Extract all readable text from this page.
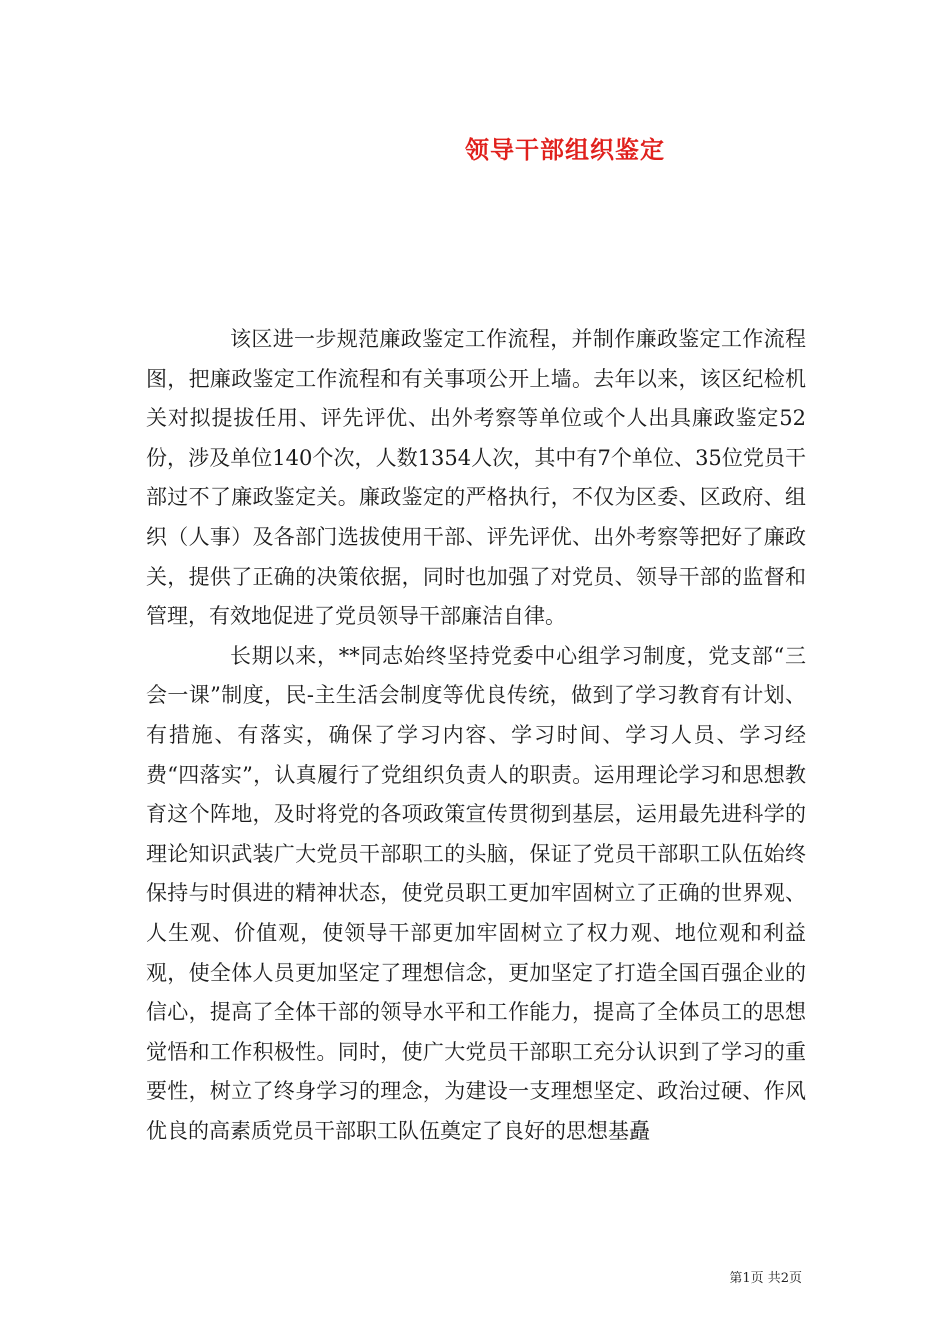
领导干部组织鉴定

该区进一步规范廉政鉴定工作流程，并制作廉政鉴定工作流程图，把廉政鉴定工作流程和有关事项公开上墙。去年以来，该区纪检机关对拟提拔任用、评先评优、出外考察等单位或个人出具廉政鉴定52份，涉及单位140个次，人数1354人次，其中有7个单位、35位党员干部过不了廉政鉴定关。廉政鉴定的严格执行，不仅为区委、区政府、组织（人事）及各部门选拔使用干部、评先评优、出外考察等把好了廉政关，提供了正确的决策依据，同时也加强了对党员、领导干部的监督和管理，有效地促进了党员领导干部廉洁自律。

长期以来，**同志始终坚持党委中心组学习制度，党支部“三会一课”制度，民-主生活会制度等优良传统，做到了学习教育有计划、有措施、有落实，确保了学习内容、学习时间、学习人员、学习经费“四落实”，认真履行了党组织负责人的职责。运用理论学习和思想教育这个阵地，及时将党的各项政策宣传贯彻到基层，运用最先进科学的理论知识武装广大党员干部职工的头脑，保证了党员干部职工队伍始终保持与时俱进的精神状态，使党员职工更加牢固树立了正确的世界观、人生观、价值观，使领导干部更加牢固树立了权力观、地位观和利益观，使全体人员更加坚定了理想信念，更加坚定了打造全国百强企业的信心，提高了全体干部的领导水平和工作能力，提高了全体员工的思想觉悟和工作积极性。同时，使广大党员干部职工充分认识到了学习的重要性，树立了终身学习的理念，为建设一支理想坚定、政治过硬、作风优良的高素质党员干部职工队伍奠定了良好的思想基矗

第1页 共2页
